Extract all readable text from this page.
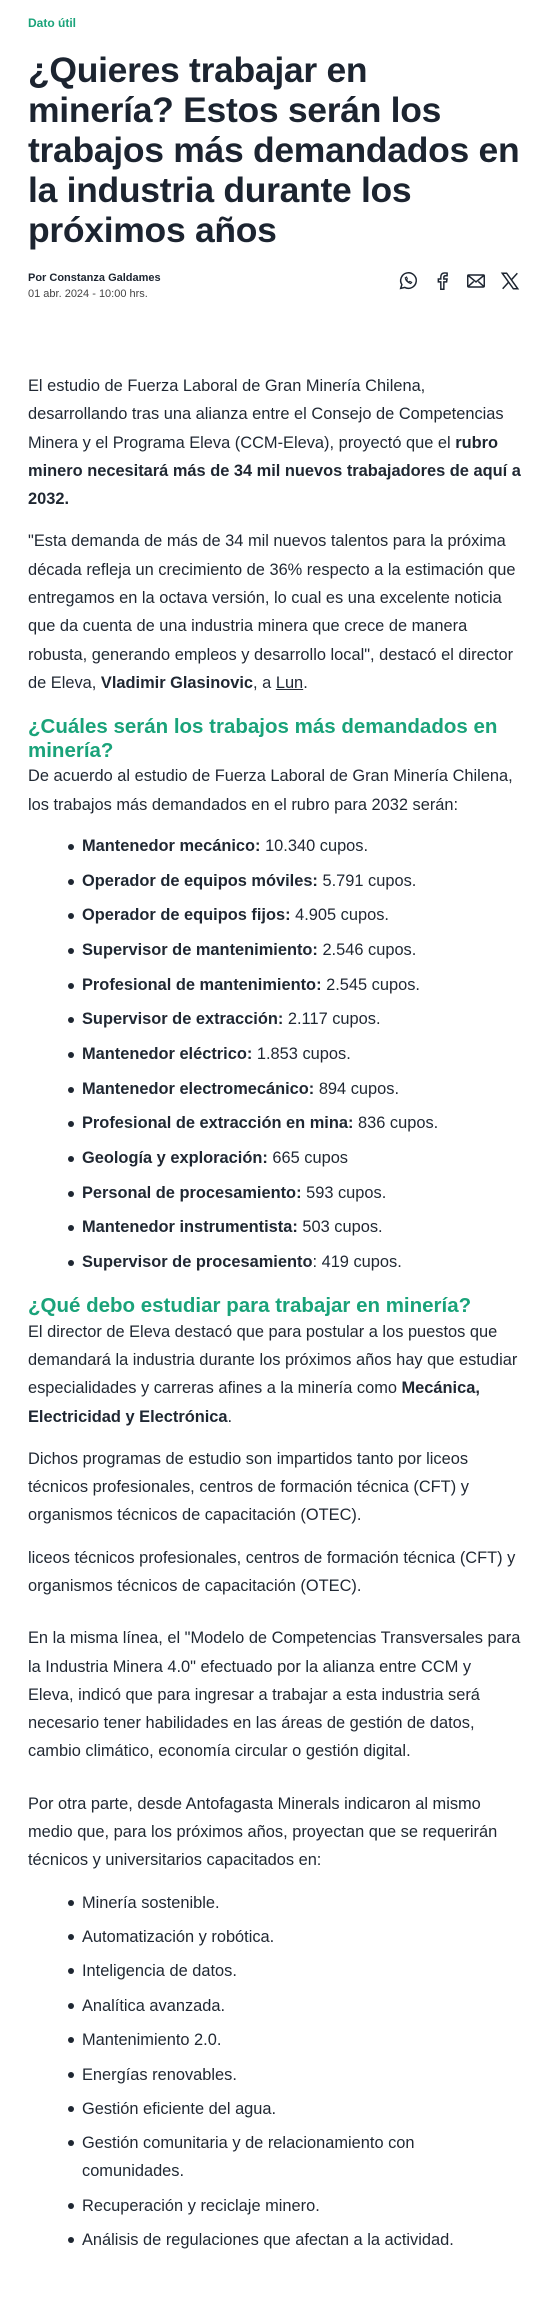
Dato útil
¿Quieres trabajar en minería? Estos serán los trabajos más demandados en la industria durante los próximos años
Por Constanza Galdames
01 abr. 2024 - 10:00 hrs.

El estudio de Fuerza Laboral de Gran Minería Chilena, desarrollando tras una alianza entre el Consejo de Competencias Minera y el Programa Eleva (CCM-Eleva), proyectó que el rubro minero necesitará más de 34 mil nuevos trabajadores de aquí a 2032.

"Esta demanda de más de 34 mil nuevos talentos para la próxima década refleja un crecimiento de 36% respecto a la estimación que entregamos en la octava versión, lo cual es una excelente noticia que da cuenta de una industria minera que crece de manera robusta, generando empleos y desarrollo local", destacó el director de Eleva, Vladimir Glasinovic, a Lun.

¿Cuáles serán los trabajos más demandados en minería?

De acuerdo al estudio de Fuerza Laboral de Gran Minería Chilena, los trabajos más demandados en el rubro para 2032 serán:

Mantenedor mecánico: 10.340 cupos.
Operador de equipos móviles: 5.791 cupos.
Operador de equipos fijos: 4.905 cupos.
Supervisor de mantenimiento: 2.546 cupos.
Profesional de mantenimiento: 2.545 cupos.
Supervisor de extracción: 2.117 cupos.
Mantenedor eléctrico: 1.853 cupos.
Mantenedor electromecánico: 894 cupos.
Profesional de extracción en mina: 836 cupos.
Geología y exploración: 665 cupos
Personal de procesamiento: 593 cupos.
Mantenedor instrumentista: 503 cupos.
Supervisor de procesamiento: 419 cupos.
¿Qué debo estudiar para trabajar en minería?

El director de Eleva destacó que para postular a los puestos que demandará la industria durante los próximos años hay que estudiar especialidades y carreras afines a la minería como Mecánica, Electricidad y Electrónica.

Dichos programas de estudio son impartidos tanto por liceos técnicos profesionales, centros de formación técnica (CFT) y organismos técnicos de capacitación (OTEC).

liceos técnicos profesionales, centros de formación técnica (CFT) y organismos técnicos de capacitación (OTEC).

En la misma línea, el "Modelo de Competencias Transversales para la Industria Minera 4.0" efectuado por la alianza entre CCM y Eleva, indicó que para ingresar a trabajar a esta industria será necesario tener habilidades en las áreas de gestión de datos, cambio climático, economía circular o gestión digital.

Por otra parte, desde Antofagasta Minerals indicaron al mismo medio que, para los próximos años, proyectan que se requerirán técnicos y universitarios capacitados en:

Minería sostenible.
Automatización y robótica.
Inteligencia de datos.
Analítica avanzada.
Mantenimiento 2.0.
Energías renovables.
Gestión eficiente del agua.
Gestión comunitaria y de relacionamiento con comunidades.
Recuperación y reciclaje minero.
Análisis de regulaciones que afectan a la actividad.
